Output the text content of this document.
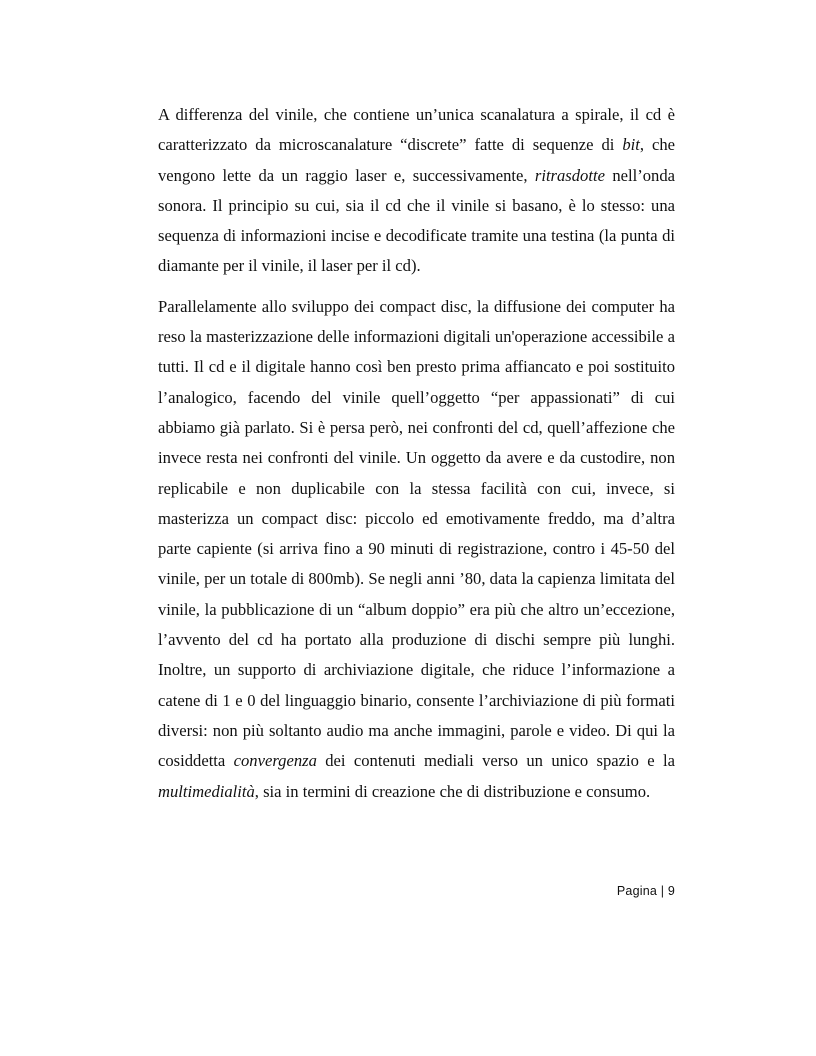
A differenza del vinile, che contiene un’unica scanalatura a spirale, il cd è caratterizzato da microscanalature “discrete” fatte di sequenze di bit, che vengono lette da un raggio laser e, successivamente, ritrasdotte nell’onda sonora. Il principio su cui, sia il cd che il vinile si basano, è lo stesso: una sequenza di informazioni incise e decodificate tramite una testina (la punta di diamante per il vinile, il laser per il cd).

Parallelamente allo sviluppo dei compact disc, la diffusione dei computer ha reso la masterizzazione delle informazioni digitali un'operazione accessibile a tutti. Il cd e il digitale hanno così ben presto prima affiancato e poi sostituito l’analogico, facendo del vinile quell’oggetto “per appassionati” di cui abbiamo già parlato. Si è persa però, nei confronti del cd, quell’affezione che invece resta nei confronti del vinile. Un oggetto da avere e da custodire, non replicabile e non duplicabile con la stessa facilità con cui, invece, si masterizza un compact disc: piccolo ed emotivamente freddo, ma d’altra parte capiente (si arriva fino a 90 minuti di registrazione, contro i 45-50 del vinile, per un totale di 800mb). Se negli anni ’80, data la capienza limitata del vinile, la pubblicazione di un “album doppio” era più che altro un’eccezione, l’avvento del cd ha portato alla produzione di dischi sempre più lunghi. Inoltre, un supporto di archiviazione digitale, che riduce l’informazione a catene di 1 e 0 del linguaggio binario, consente l’archiviazione di più formati diversi: non più soltanto audio ma anche immagini, parole e video. Di qui la cosiddetta convergenza dei contenuti mediali verso un unico spazio e la multimedialità, sia in termini di creazione che di distribuzione e consumo.

Pagina | 9
